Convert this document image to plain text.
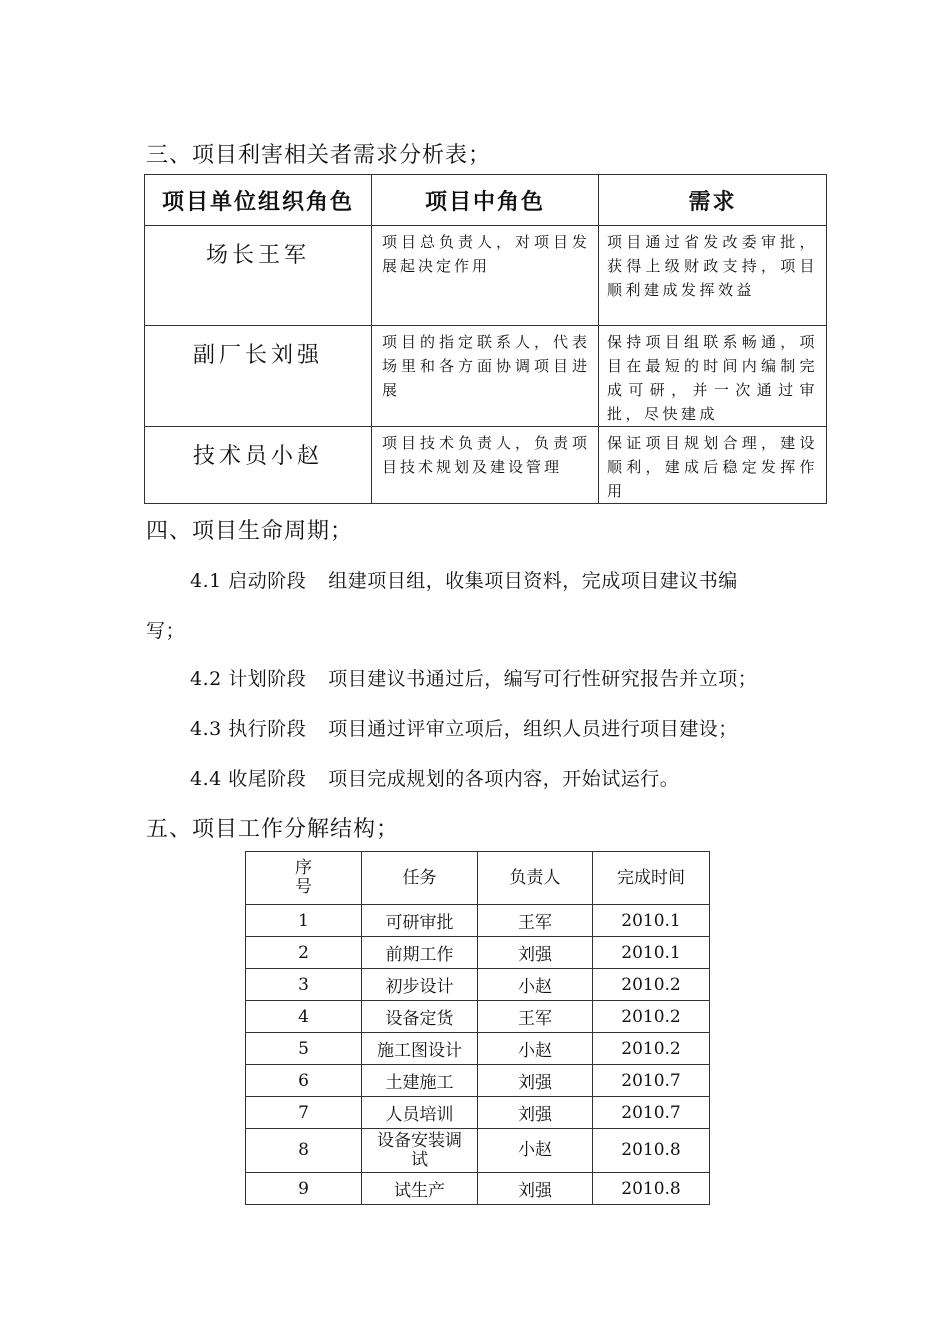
三、项目利害相关者需求分析表；
项目单位组织角色	项目中角色	需求

场长王军	项目总负责人，对项目发展起决定作用	项目通过省发改委审批，获得上级财政支持，项目顺利建成发挥效益

副厂长刘强	项目的指定联系人，代表场里和各方面协调项目进展	保持项目组联系畅通，项目在最短的时间内编制完成可研，并一次通过审批，尽快建成

技术员小赵	项目技术负责人，负责项目技术规划及建设管理	保证项目规划合理，建设顺利，建成后稳定发挥作用
四、项目生命周期；
4.1 启动阶段 组建项目组，收集项目资料，完成项目建议书编
写；
4.2 计划阶段 项目建议书通过后，编写可行性研究报告并立项；
4.3 执行阶段 项目通过评审立项后，组织人员进行项目建设；
4.4 收尾阶段 项目完成规划的各项内容，开始试运行。
五、项目工作分解结构；
序号	任务	负责人	完成时间
1	可研审批	王军	2010.1
2	前期工作	刘强	2010.1
3	初步设计	小赵	2010.2
4	设备定货	王军	2010.2
5	施工图设计	小赵	2010.2
6	土建施工	刘强	2010.7
7	人员培训	刘强	2010.7
8	设备安装调试	小赵	2010.8
9	试生产	刘强	2010.8
